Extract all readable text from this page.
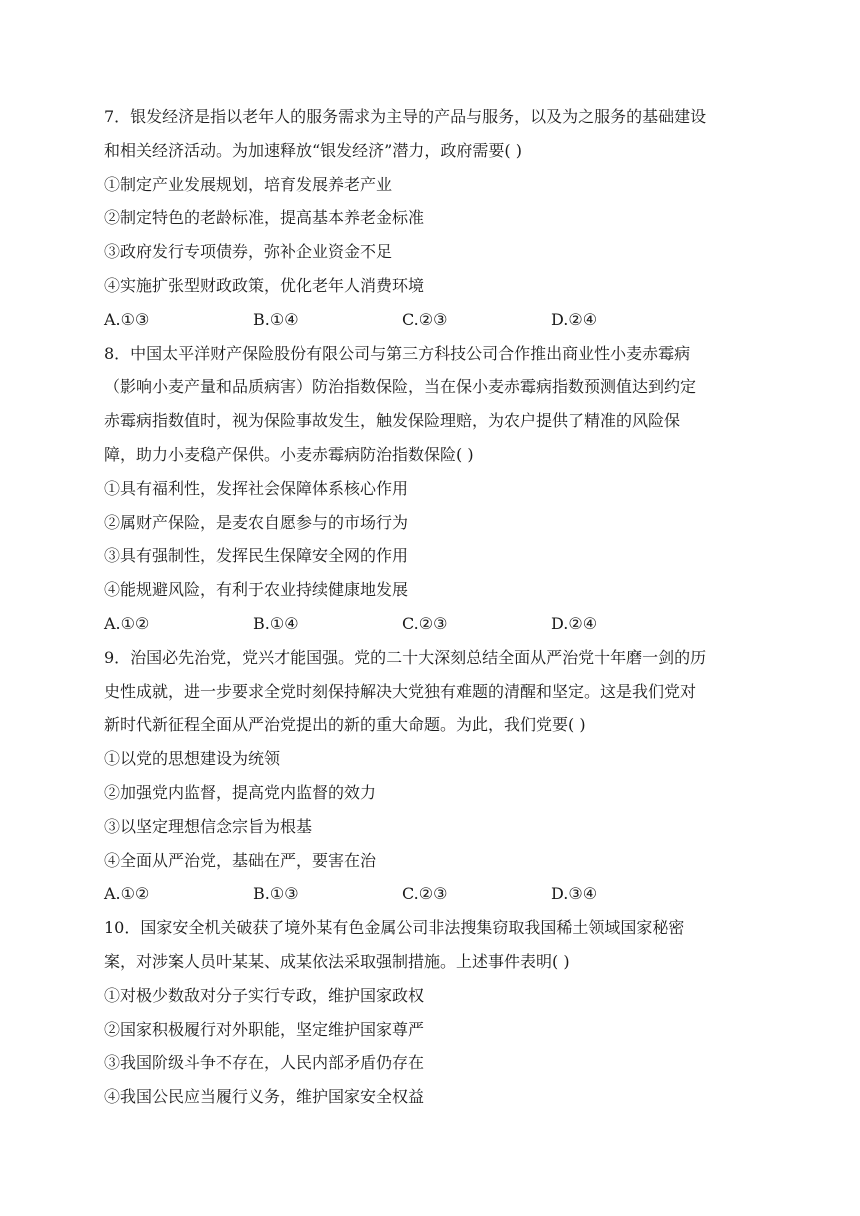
7．银发经济是指以老年人的服务需求为主导的产品与服务，以及为之服务的基础建设
和相关经济活动。为加速释放“银发经济”潜力，政府需要( )
①制定产业发展规划，培育发展养老产业
②制定特色的老龄标准，提高基本养老金标准
③政府发行专项债券，弥补企业资金不足
④实施扩张型财政政策，优化老年人消费环境
A.①③	B.①④	C.②③	D.②④
8．中国太平洋财产保险股份有限公司与第三方科技公司合作推出商业性小麦赤霉病
（影响小麦产量和品质病害）防治指数保险，当在保小麦赤霉病指数预测值达到约定
赤霉病指数值时，视为保险事故发生，触发保险理赔，为农户提供了精准的风险保
障，助力小麦稳产保供。小麦赤霉病防治指数保险( )
①具有福利性，发挥社会保障体系核心作用
②属财产保险，是麦农自愿参与的市场行为
③具有强制性，发挥民生保障安全网的作用
④能规避风险，有利于农业持续健康地发展
A.①②	B.①④	C.②③	D.②④
9．治国必先治党，党兴才能国强。党的二十大深刻总结全面从严治党十年磨一剑的历
史性成就，进一步要求全党时刻保持解决大党独有难题的清醒和坚定。这是我们党对
新时代新征程全面从严治党提出的新的重大命题。为此，我们党要( )
①以党的思想建设为统领
②加强党内监督，提高党内监督的效力
③以坚定理想信念宗旨为根基
④全面从严治党，基础在严，要害在治
A.①②	B.①③	C.②③	D.③④
10．国家安全机关破获了境外某有色金属公司非法搜集窃取我国稀土领域国家秘密
案，对涉案人员叶某某、成某依法采取强制措施。上述事件表明( )
①对极少数敌对分子实行专政，维护国家政权
②国家积极履行对外职能，坚定维护国家尊严
③我国阶级斗争不存在，人民内部矛盾仍存在
④我国公民应当履行义务，维护国家安全权益
